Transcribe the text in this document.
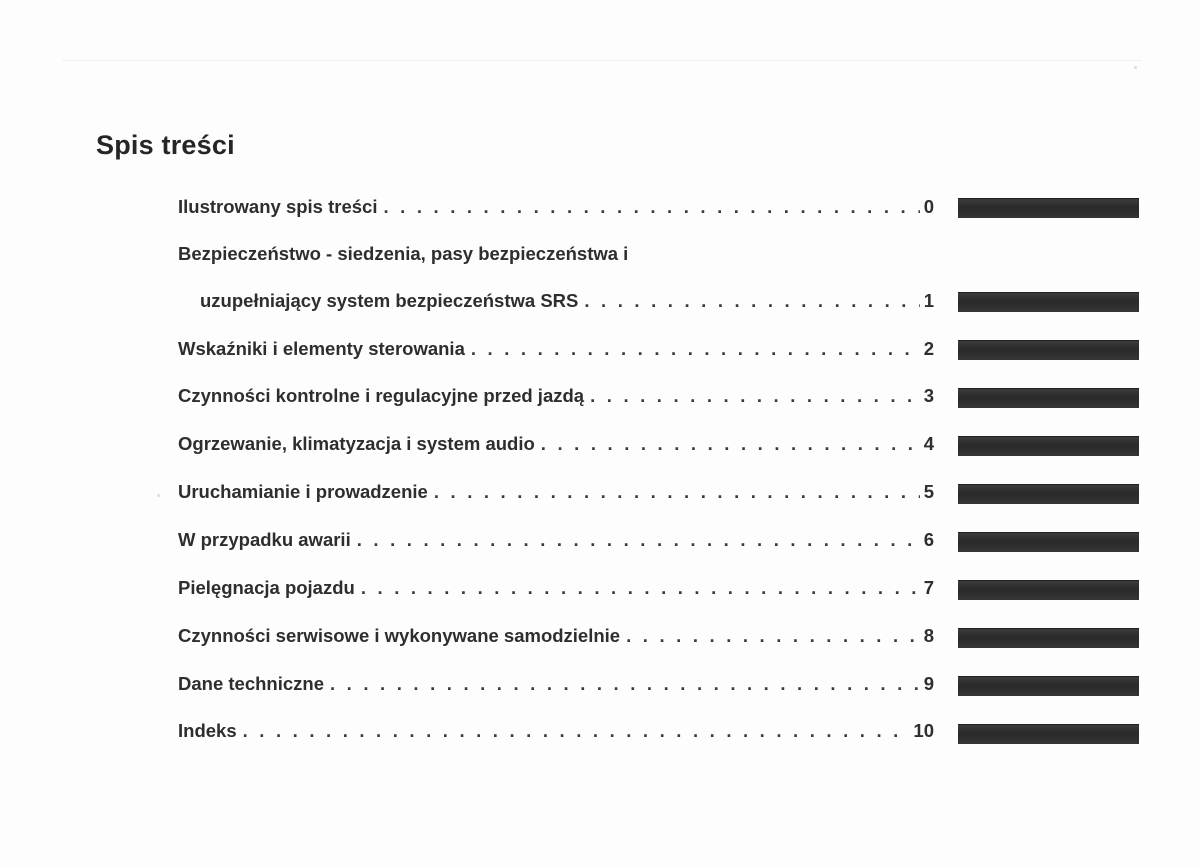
Spis treści
Ilustrowany spis treści . . .	0
Bezpieczeństwo - siedzenia, pasy bezpieczeństwa i
uzupełniający system bezpieczeństwa SRS . . .	1
Wskaźniki i elementy sterowania . . .	2
Czynności kontrolne i regulacyjne przed jazdą . . .	3
Ogrzewanie, klimatyzacja i system audio . . .	4
Uruchamianie i prowadzenie . . .	5
W przypadku awarii . . .	6
Pielęgnacja pojazdu . . .	7
Czynności serwisowe i wykonywane samodzielnie . . .	8
Dane techniczne . . .	9
Indeks . . .	10
